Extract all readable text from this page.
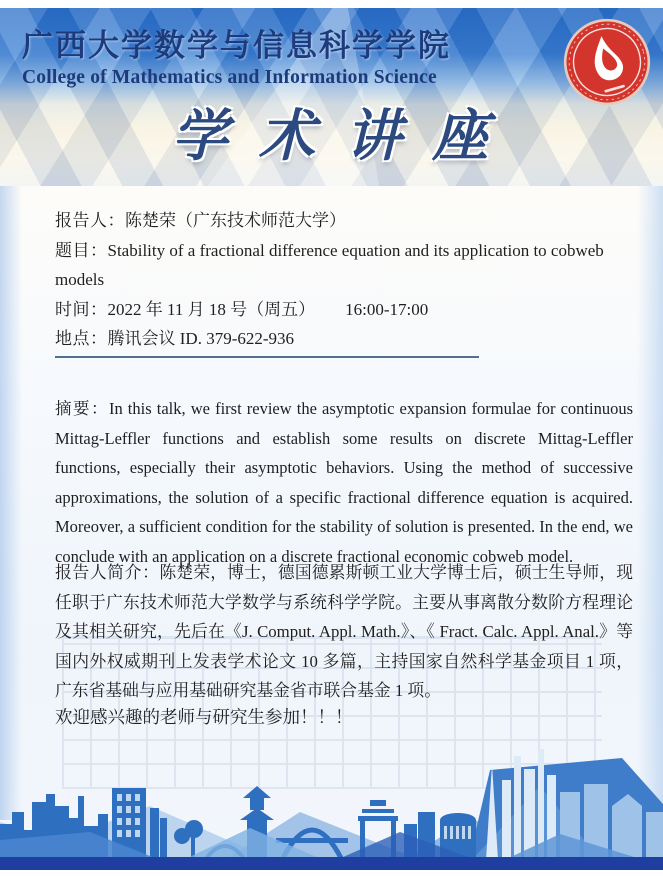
广西大学数学与信息科学学院
College of Mathematics and Information Science
学术讲座
报告人：陈楚荣（广东技术师范大学）
题目：Stability of a fractional difference equation and its application to cobweb models
时间：2022 年 11 月 18 号（周五） 16:00-17:00
地点：腾讯会议 ID. 379-622-936
摘要：In this talk, we first review the asymptotic expansion formulae for continuous Mittag-Leffler functions and establish some results on discrete Mittag-Leffler functions, especially their asymptotic behaviors. Using the method of successive approximations, the solution of a specific fractional difference equation is acquired. Moreover, a sufficient condition for the stability of solution is presented. In the end, we conclude with an application on a discrete fractional economic cobweb model.
报告人简介：陈楚荣，博士，德国德累斯顿工业大学博士后，硕士生导师，现任职于广东技术师范大学数学与系统科学学院。主要从事离散分数阶方程理论及其相关研究，先后在《J. Comput. Appl. Math.》、《 Fract. Calc. Appl. Anal.》等国内外权威期刊上发表学术论文 10 多篇，主持国家自然科学基金项目 1 项，广东省基础与应用基础研究基金省市联合基金 1 项。
欢迎感兴趣的老师与研究生参加！！！
